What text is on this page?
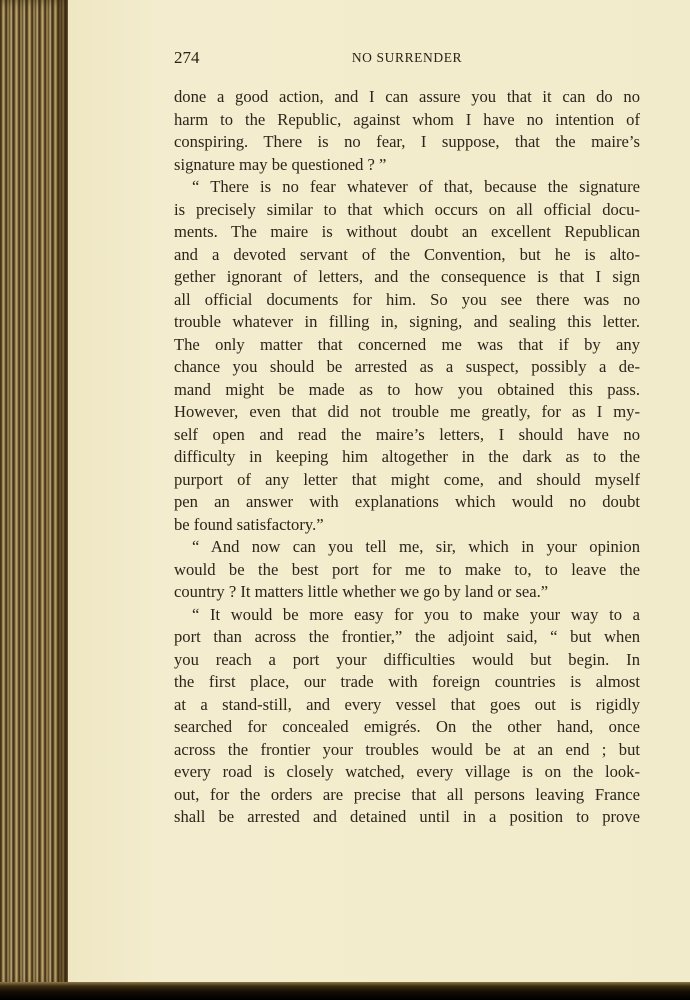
274	NO SURRENDER
done a good action, and I can assure you that it can do no
harm to the Republic, against whom I have no intention of
conspiring. There is no fear, I suppose, that the maire’s
signature may be questioned ? ”
“ There is no fear whatever of that, because the signature
is precisely similar to that which occurs on all official docu-
ments. The maire is without doubt an excellent Republican
and a devoted servant of the Convention, but he is alto-
gether ignorant of letters, and the consequence is that I sign
all official documents for him. So you see there was no
trouble whatever in filling in, signing, and sealing this letter.
The only matter that concerned me was that if by any
chance you should be arrested as a suspect, possibly a de-
mand might be made as to how you obtained this pass.
However, even that did not trouble me greatly, for as I my-
self open and read the maire’s letters, I should have no
difficulty in keeping him altogether in the dark as to the
purport of any letter that might come, and should myself
pen an answer with explanations which would no doubt
be found satisfactory.”
“ And now can you tell me, sir, which in your opinion
would be the best port for me to make to, to leave the
country ? It matters little whether we go by land or sea.”
“ It would be more easy for you to make your way to a
port than across the frontier,” the adjoint said, “ but when
you reach a port your difficulties would but begin. In
the first place, our trade with foreign countries is almost
at a stand-still, and every vessel that goes out is rigidly
searched for concealed emigrés. On the other hand, once
across the frontier your troubles would be at an end ; but
every road is closely watched, every village is on the look-
out, for the orders are precise that all persons leaving France
shall be arrested and detained until in a position to prove
